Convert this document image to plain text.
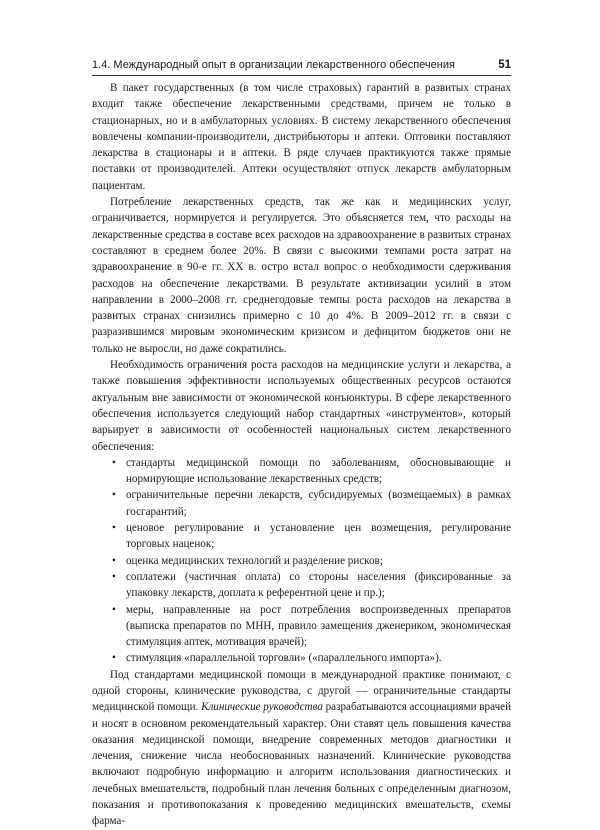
1.4. Международный опыт в организации лекарственного обеспечения	51

В пакет государственных (в том числе страховых) гарантий в развитых странах входит также обеспечение лекарственными средствами, причем не только в стационарных, но и в амбулаторных условиях. В систему лекарственного обеспечения вовлечены компании-производители, дистрибьюторы и аптеки. Оптовики поставляют лекарства в стационары и в аптеки. В ряде случаев практикуются также прямые поставки от производителей. Аптеки осуществляют отпуск лекарств амбулаторным пациентам.

Потребление лекарственных средств, так же как и медицинских услуг, ограничивается, нормируется и регулируется. Это объясняется тем, что расходы на лекарственные средства в составе всех расходов на здравоохранение в развитых странах составляют в среднем более 20%. В связи с высокими темпами роста затрат на здравоохранение в 90-е гг. ХХ в. остро встал вопрос о необходимости сдерживания расходов на обеспечение лекарствами. В результате активизации усилий в этом направлении в 2000–2008 гг. среднегодовые темпы роста расходов на лекарства в развитых странах снизились примерно с 10 до 4%. В 2009–2012 гг. в связи с разразившимся мировым экономическим кризисом и дефицитом бюджетов они не только не выросли, но даже сократились.

Необходимость ограничения роста расходов на медицинские услуги и лекарства, а также повышения эффективности используемых общественных ресурсов остаются актуальным вне зависимости от экономической конъюнктуры. В сфере лекарственного обеспечения используется следующий набор стандартных «инструментов», который варьирует в зависимости от особенностей национальных систем лекарственного обеспечения:

• стандарты медицинской помощи по заболеваниям, обосновывающие и нормирующие использование лекарственных средств;
• ограничительные перечни лекарств, субсидируемых (возмещаемых) в рамках госгарантий;
• ценовое регулирование и установление цен возмещения, регулирование торговых наценок;
• оценка медицинских технологий и разделение рисков;
• соплатежи (частичная оплата) со стороны населения (фиксированные за упаковку лекарств, доплата к референтной цене и пр.);
• меры, направленные на рост потребления воспроизведенных препаратов (выписка препаратов по МНН, правило замещения дженериком, экономическая стимуляция аптек, мотивация врачей);
• стимуляция «параллельной торговли» («параллельного импорта»).

Под стандартами медицинской помощи в международной практике понимают, с одной стороны, клинические руководства, с другой — ограничительные стандарты медицинской помощи. Клинические руководства разрабатываются ассоциациями врачей и носят в основном рекомендательный характер. Они ставят цель повышения качества оказания медицинской помощи, внедрение современных методов диагностики и лечения, снижение числа необоснованных назначений. Клинические руководства включают подробную информацию и алгоритм использования диагностических и лечебных вмешательств, подробный план лечения больных с определенным диагнозом, показания и противопоказания к проведению медицинских вмешательств, схемы фарма-
